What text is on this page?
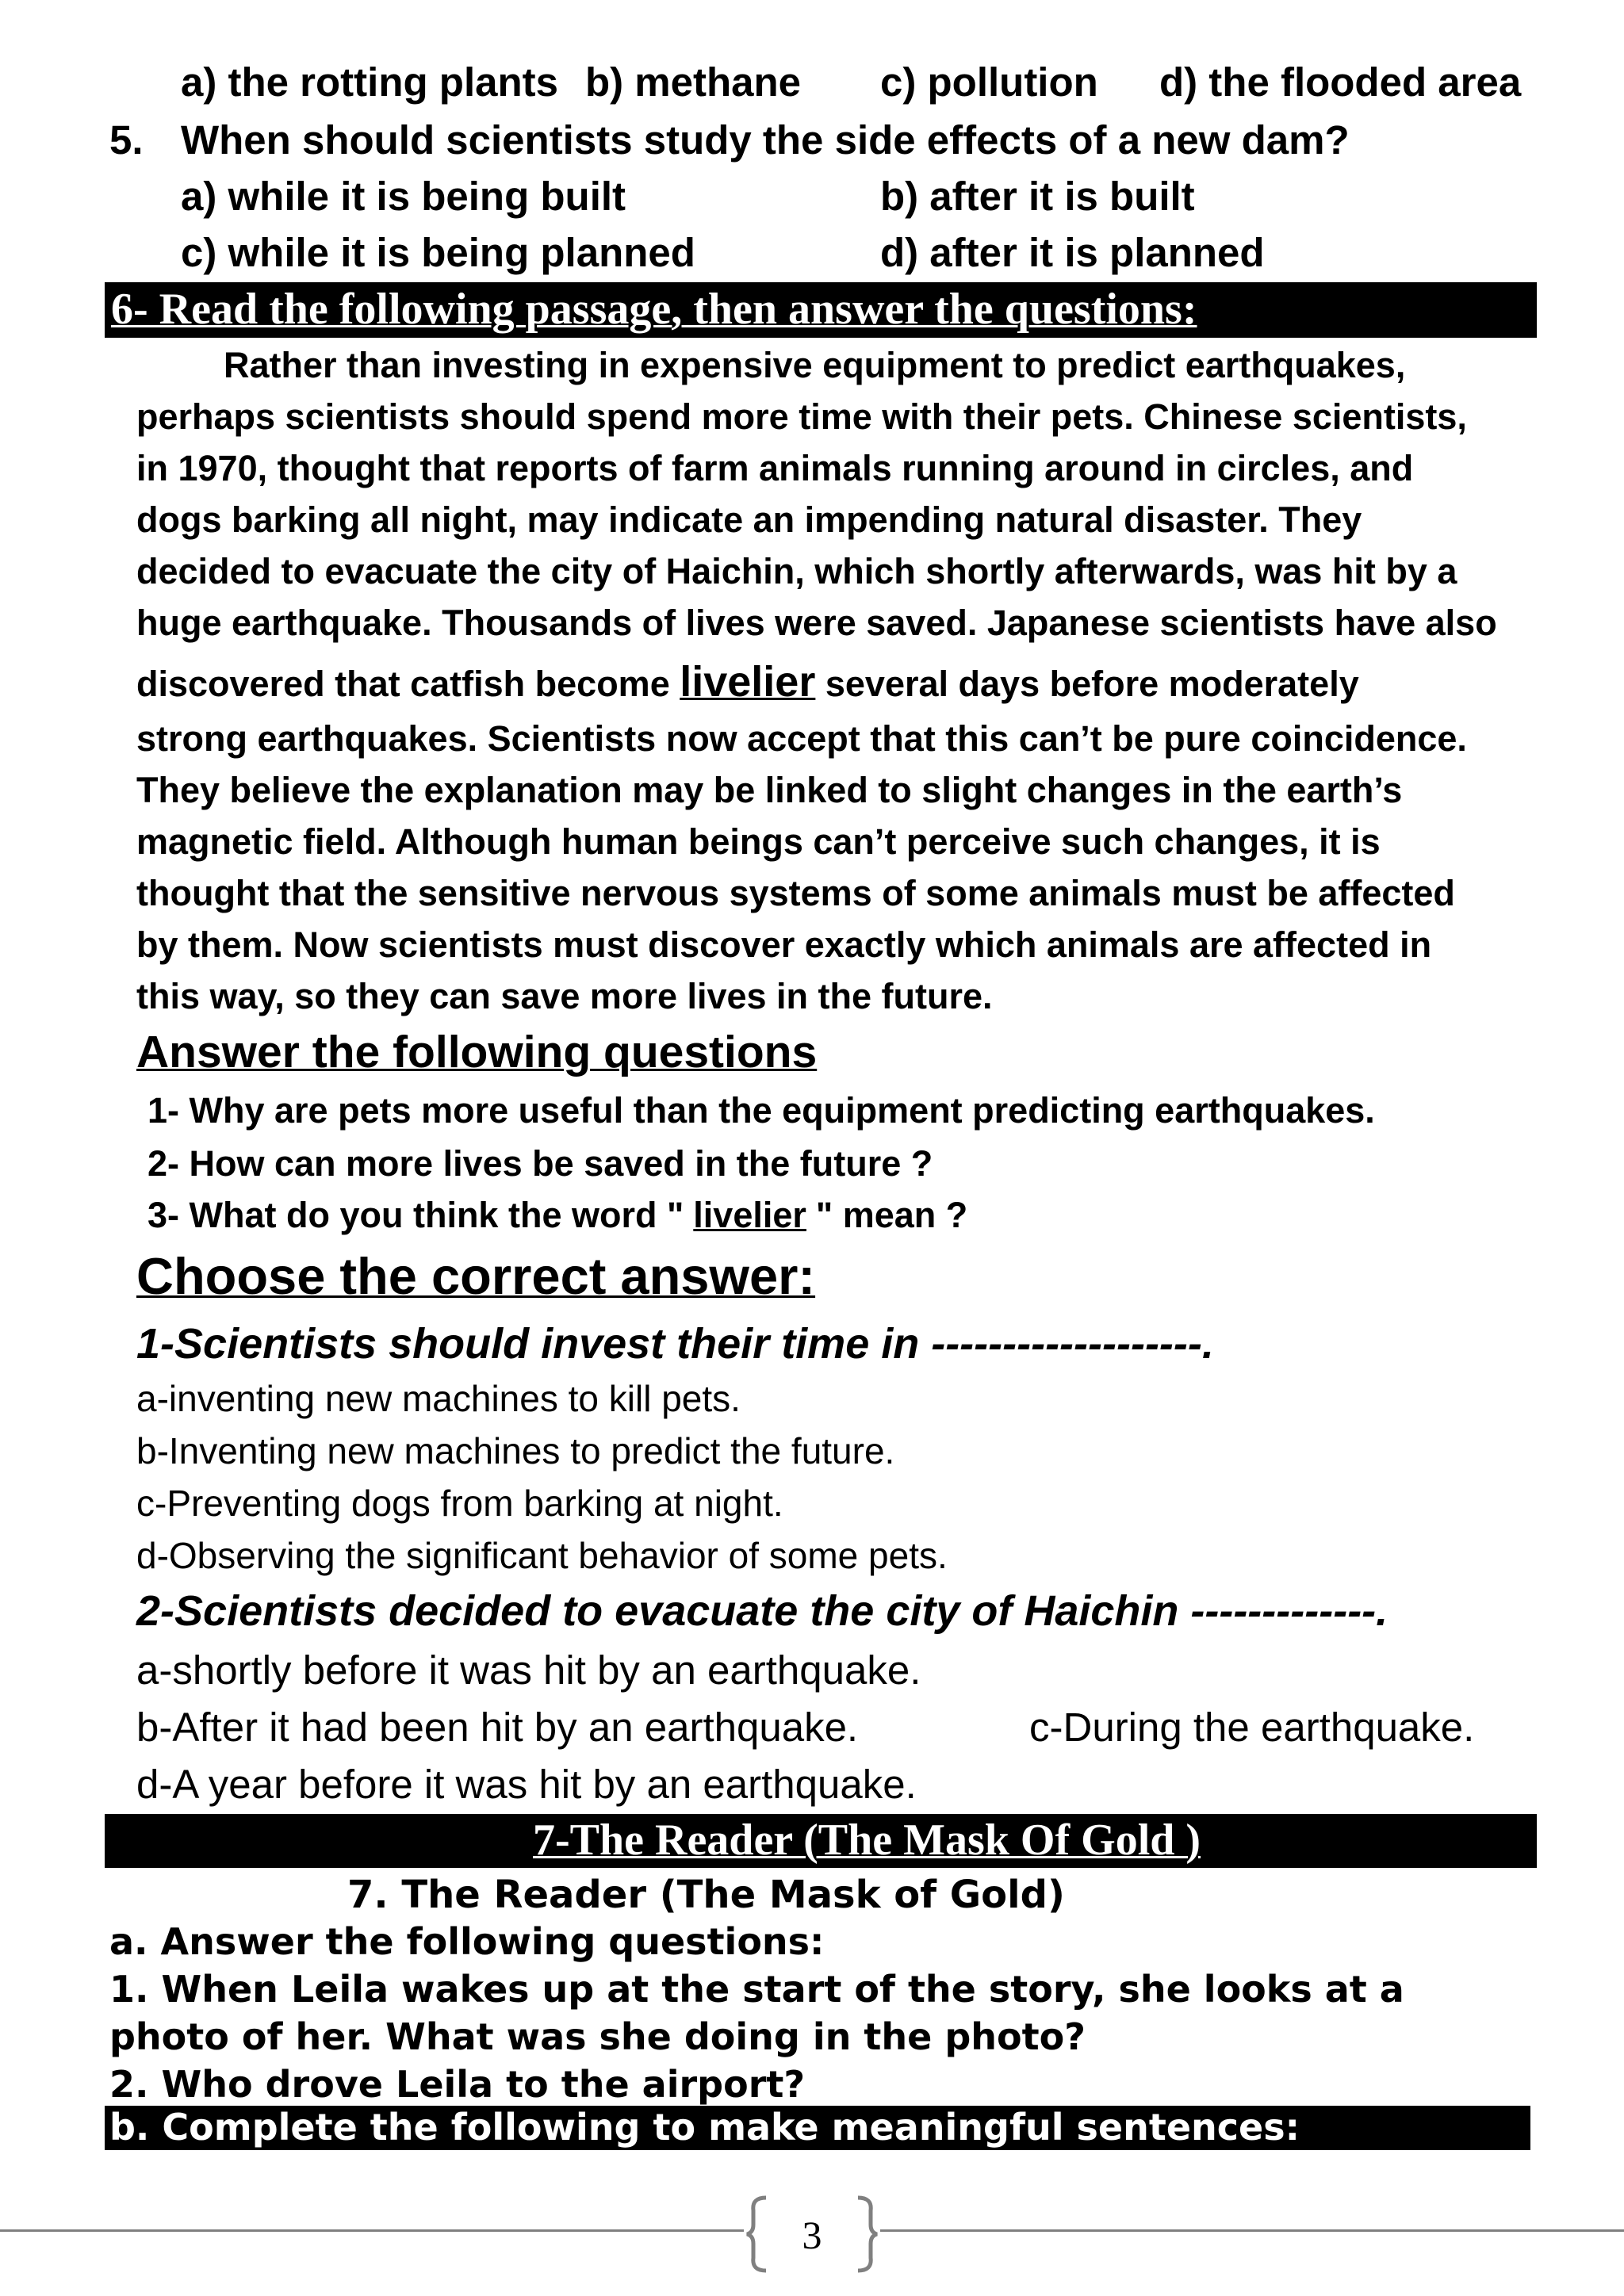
a) the rotting plants b) methane c) pollution d) the flooded area
5. When should scientists study the side effects of a new dam?
a) while it is being built	b) after it is built
c) while it is being planned	d) after it is planned
6- Read the following passage, then answer the questions:
Rather than investing in expensive equipment to predict earthquakes,
perhaps scientists should spend more time with their pets. Chinese scientists,
in 1970, thought that reports of farm animals running around in circles, and
dogs barking all night, may indicate an impending natural disaster. They
decided to evacuate the city of Haichin, which shortly afterwards, was hit by a
huge earthquake. Thousands of lives were saved. Japanese scientists have also
discovered that catfish become livelier several days before moderately
strong earthquakes. Scientists now accept that this can’t be pure coincidence.
They believe the explanation may be linked to slight changes in the earth’s
magnetic field. Although human beings can’t perceive such changes, it is
thought that the sensitive nervous systems of some animals must be affected
by them. Now scientists must discover exactly which animals are affected in
this way, so they can save more lives in the future.
Answer the following questions
1- Why are pets more useful than the equipment predicting earthquakes.
2- How can more lives be saved in the future ?
3- What do you think the word " livelier " mean ?
Choose the correct answer:
1-Scientists should invest their time in -------------------.
a-inventing new machines to kill pets.
b-Inventing new machines to predict the future.
c-Preventing dogs from barking at night.
d-Observing the significant behavior of some pets.
2-Scientists decided to evacuate the city of Haichin -------------.
a-shortly before it was hit by an earthquake.
b-After it had been hit by an earthquake.	c-During the earthquake.
d-A year before it was hit by an earthquake.
7-The Reader (The Mask Of Gold )
7. The Reader (The Mask of Gold)
a. Answer the following questions:
1. When Leila wakes up at the start of the story, she looks at a
photo of her. What was she doing in the photo?
2. Who drove Leila to the airport?
b. Complete the following to make meaningful sentences:
3
